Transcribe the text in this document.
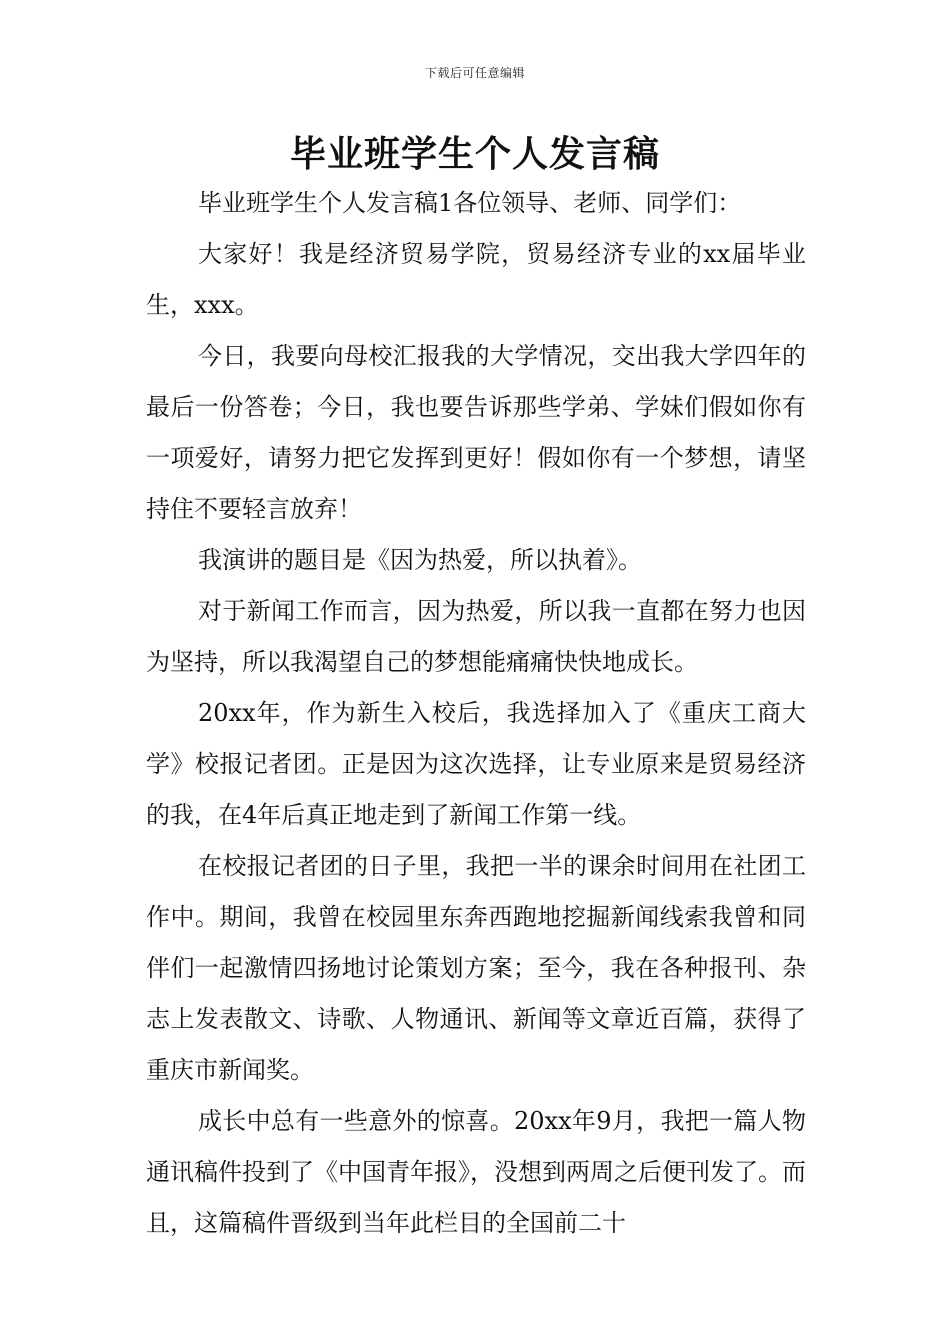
下载后可任意编辑
毕业班学生个人发言稿

毕业班学生个人发言稿1各位领导、老师、同学们：

大家好！我是经济贸易学院，贸易经济专业的xx届毕业生，xxx。

今日，我要向母校汇报我的大学情况，交出我大学四年的最后一份答卷；今日，我也要告诉那些学弟、学妹们假如你有一项爱好，请努力把它发挥到更好！假如你有一个梦想，请坚持住不要轻言放弃！

我演讲的题目是《因为热爱，所以执着》。

对于新闻工作而言，因为热爱，所以我一直都在努力也因为坚持，所以我渴望自己的梦想能痛痛快快地成长。

20xx年，作为新生入校后，我选择加入了《重庆工商大学》校报记者团。正是因为这次选择，让专业原来是贸易经济的我，在4年后真正地走到了新闻工作第一线。

在校报记者团的日子里，我把一半的课余时间用在社团工作中。期间，我曾在校园里东奔西跑地挖掘新闻线索我曾和同伴们一起激情四扬地讨论策划方案；至今，我在各种报刊、杂志上发表散文、诗歌、人物通讯、新闻等文章近百篇，获得了重庆市新闻奖。

成长中总有一些意外的惊喜。20xx年9月，我把一篇人物通讯稿件投到了《中国青年报》，没想到两周之后便刊发了。而且，这篇稿件晋级到当年此栏目的全国前二十
